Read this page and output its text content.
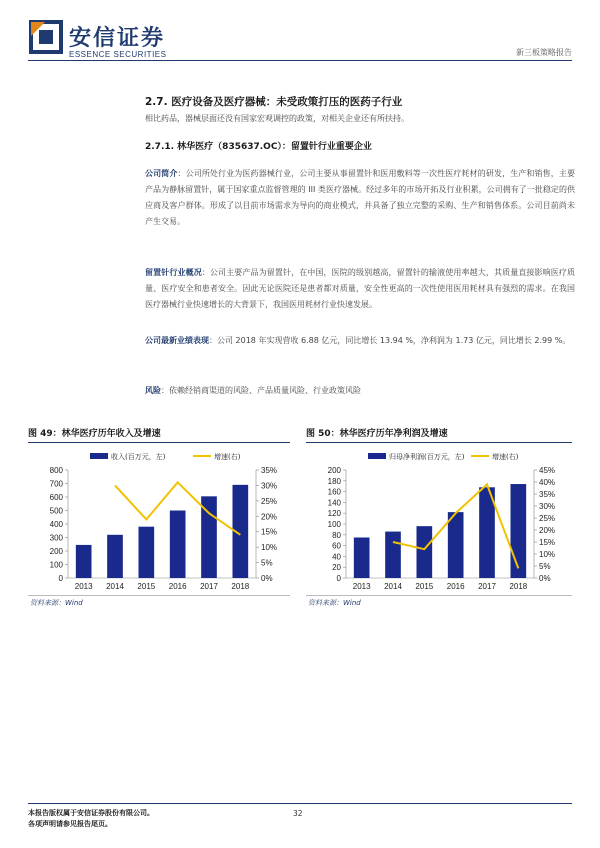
安信证券
ESSENCE SECURITIES	新三板策略报告
2.7. 医疗设备及医疗器械：未受政策打压的医药子行业
相比药品，器械层面还没有国家宏观调控的政策，对相关企业还有所扶持。
2.7.1. 林华医疗（835637.OC）：留置针行业重要企业
公司简介：公司所处行业为医药器械行业，公司主要从事留置针和医用敷料等一次性医疗耗材的研发，生产和销售，主要产品为静脉留置针，属于国家重点监督管理的 III 类医疗器械。经过多年的市场开拓及行业积累，公司拥有了一批稳定的供应商及客户群体。形成了以目前市场需求为导向的商业模式，并具备了独立完整的采购、生产和销售体系。公司目前尚未产生交易。
留置针行业概况：公司主要产品为留置针，在中国，医院的级别越高，留置针的输液使用率越大，其质量直接影响医疗质量、医疗安全和患者安全。因此无论医院还是患者都对质量，安全性更高的一次性使用医用耗材具有强烈的需求。在我国医疗器械行业快速增长的大背景下，我国医用耗材行业快速发展。
公司最新业绩表现：公司 2018 年实现营收 6.88 亿元，同比增长 13.94 %，净利润为 1.73 亿元，同比增长 2.99 %。
风险：依赖经销商渠道的风险、产品质量风险、行业政策风险
图 49：林华医疗历年收入及增速
0
100
200
300
400
500
600
700
800
0%
5%
10%
15%
20%
25%
30%
35%
2013 2014 2015 2016 2017 2018
收入(百万元，左)	增速(右)
资料来源：Wind
图 50：林华医疗历年净利润及增速
0
20
40
60
80
100
120
140
160
180
200
0%
5%
10%
15%
20%
25%
30%
35%
40%
45%
2013 2014 2015 2016 2017 2018
归母净利润(百万元，左)	增速(右)
资料来源：Wind
本报告版权属于安信证券股份有限公司。
各项声明请参见报告尾页。
32
